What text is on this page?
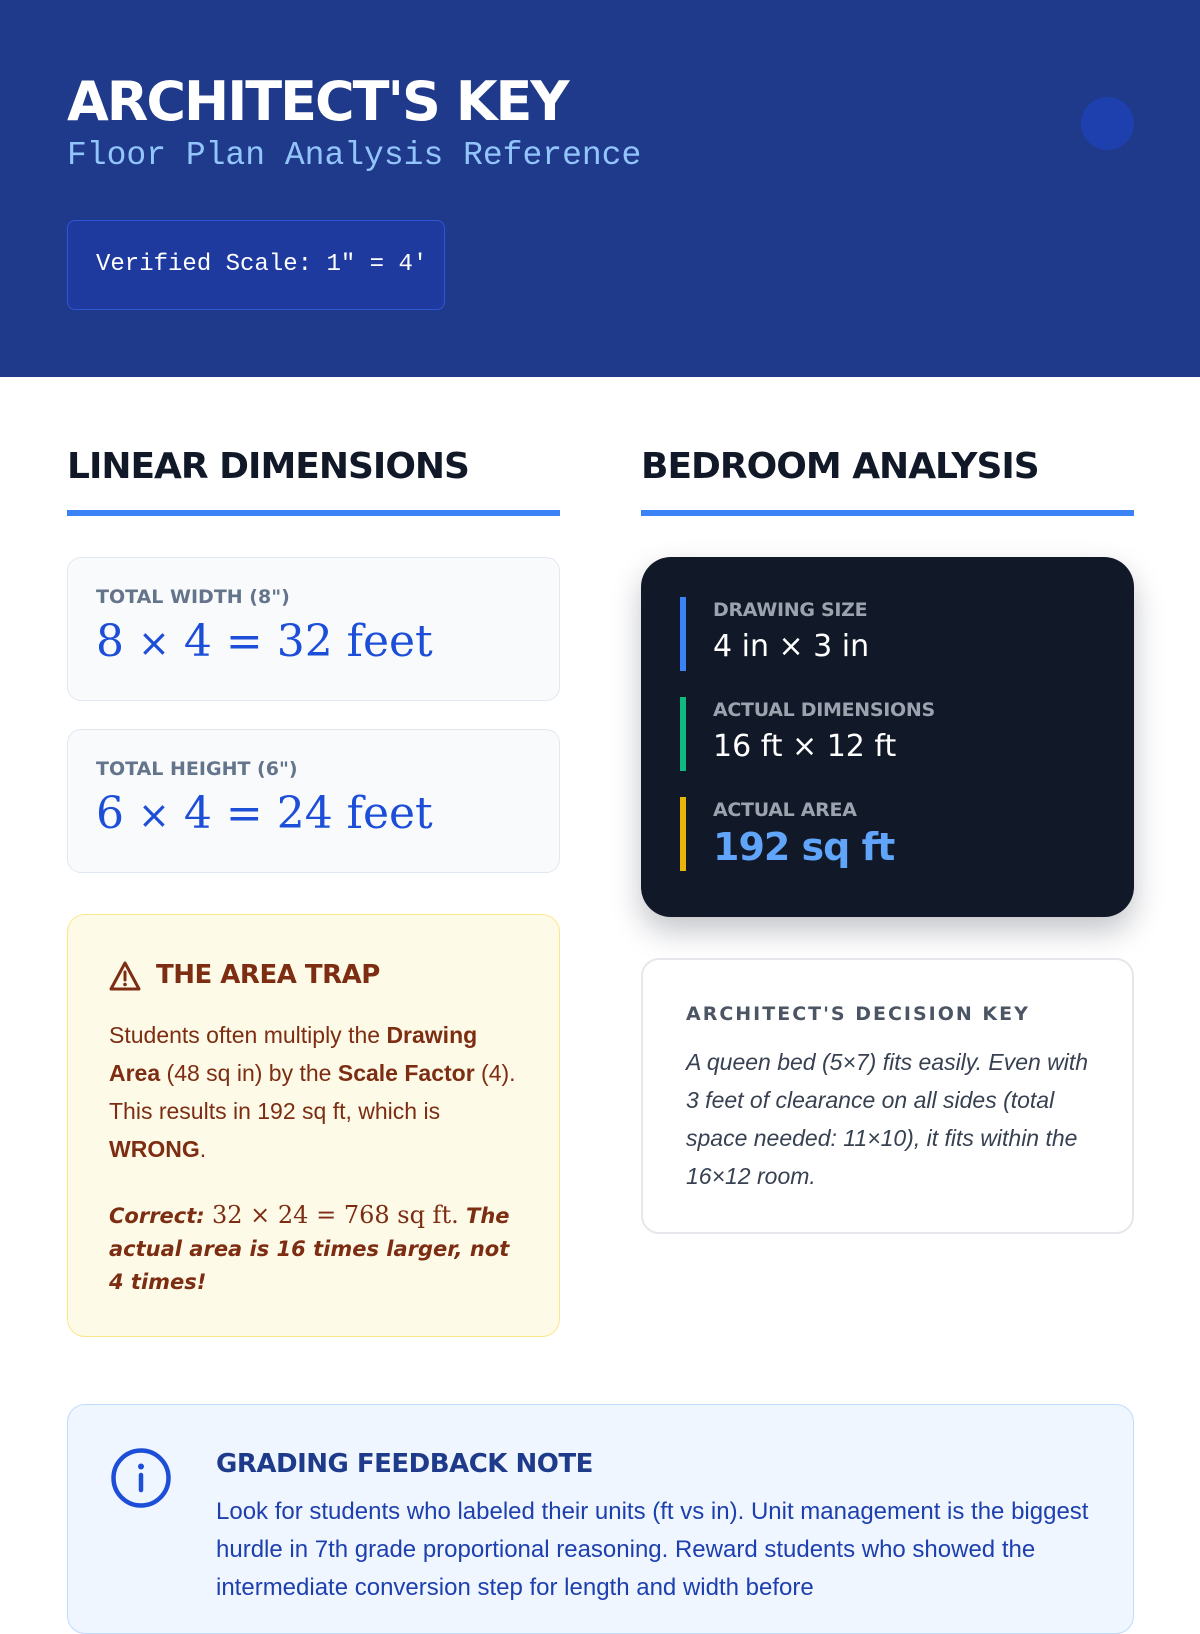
ARCHITECT'S KEY
Floor Plan Analysis Reference
Verified Scale: 1" = 4'
LINEAR DIMENSIONS
TOTAL WIDTH (8")
8 × 4 = 32 feet
TOTAL HEIGHT (6")
6 × 4 = 24 feet
THE AREA TRAP
Students often multiply the Drawing Area (48 sq in) by the Scale Factor (4). This results in 192 sq ft, which is WRONG.
Correct: 32 × 24 = 768 sq ft. The actual area is 16 times larger, not 4 times!
BEDROOM ANALYSIS
DRAWING SIZE
4 in × 3 in
ACTUAL DIMENSIONS
16 ft × 12 ft
ACTUAL AREA
192 sq ft
ARCHITECT'S DECISION KEY
A queen bed (5×7) fits easily. Even with 3 feet of clearance on all sides (total space needed: 11×10), it fits within the 16×12 room.
GRADING FEEDBACK NOTE
Look for students who labeled their units (ft vs in). Unit management is the biggest hurdle in 7th grade proportional reasoning. Reward students who showed the intermediate conversion step for length and width before
